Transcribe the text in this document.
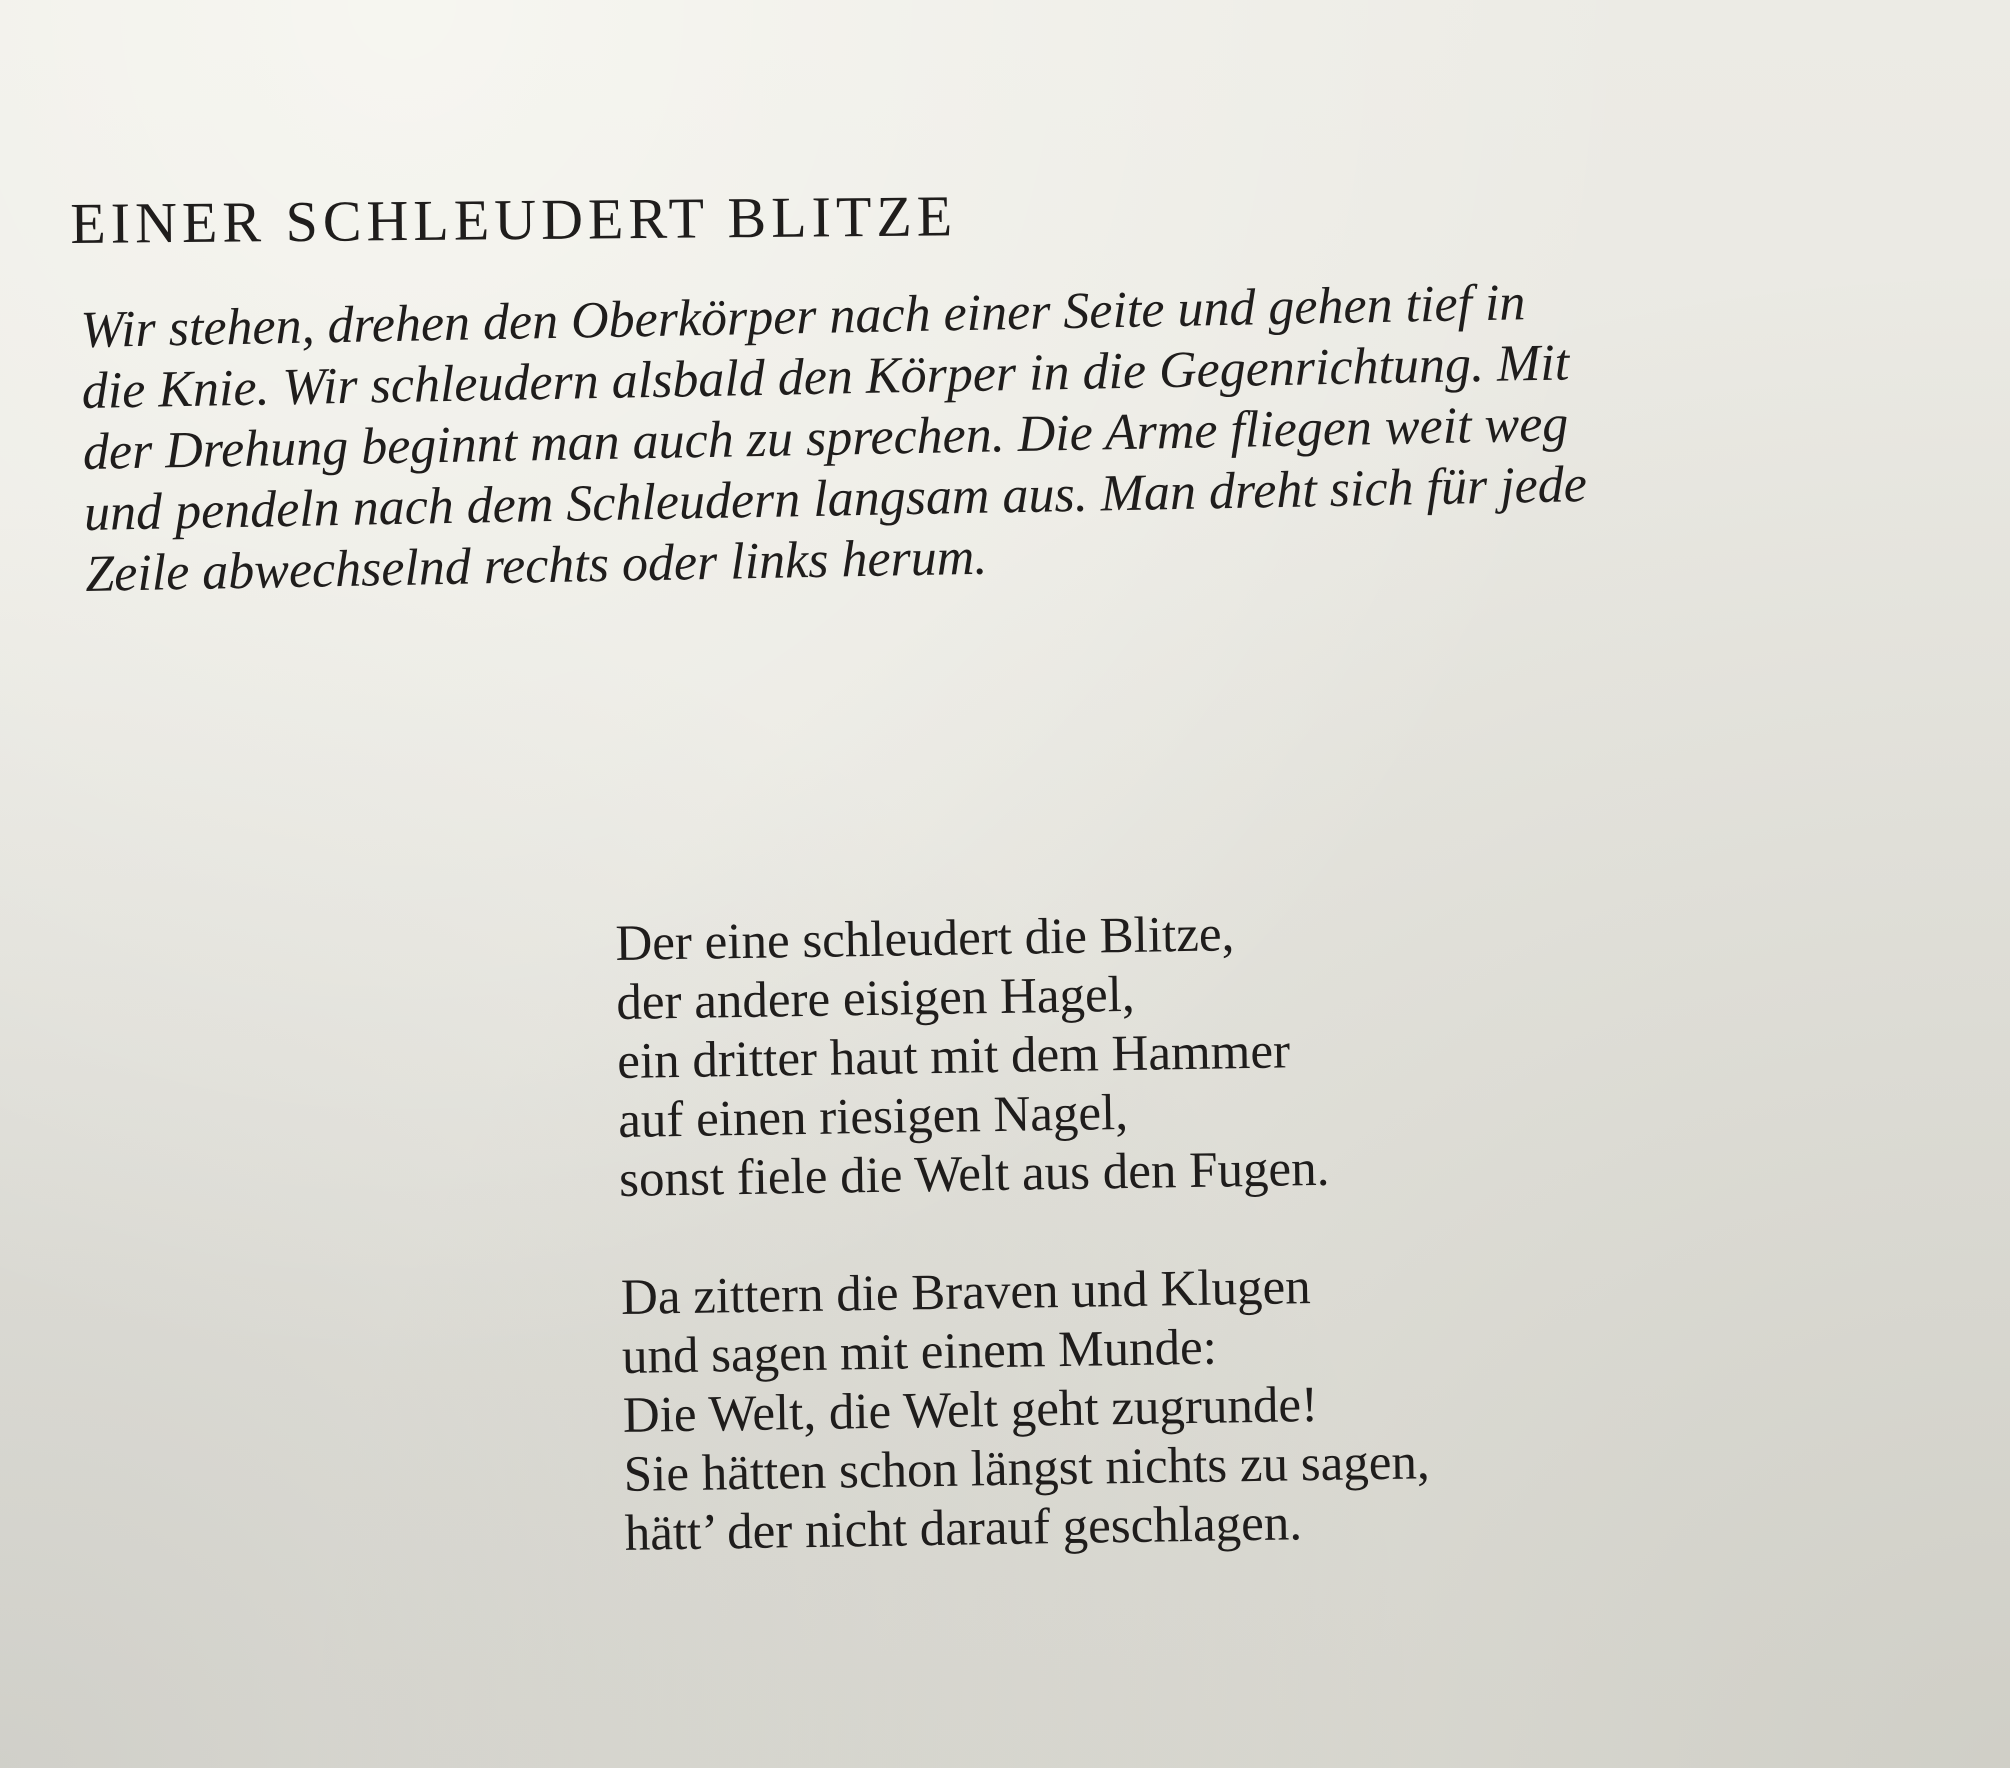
EINER SCHLEUDERT BLITZE
Wir stehen, drehen den Oberkörper nach einer Seite und gehen tief in
die Knie. Wir schleudern alsbald den Körper in die Gegenrichtung. Mit
der Drehung beginnt man auch zu sprechen. Die Arme fliegen weit weg
und pendeln nach dem Schleudern langsam aus. Man dreht sich für jede
Zeile abwechselnd rechts oder links herum.
Der eine schleudert die Blitze,
der andere eisigen Hagel,
ein dritter haut mit dem Hammer
auf einen riesigen Nagel,
sonst fiele die Welt aus den Fugen.
Da zittern die Braven und Klugen
und sagen mit einem Munde:
Die Welt, die Welt geht zugrunde!
Sie hätten schon längst nichts zu sagen,
hätt’ der nicht darauf geschlagen.
